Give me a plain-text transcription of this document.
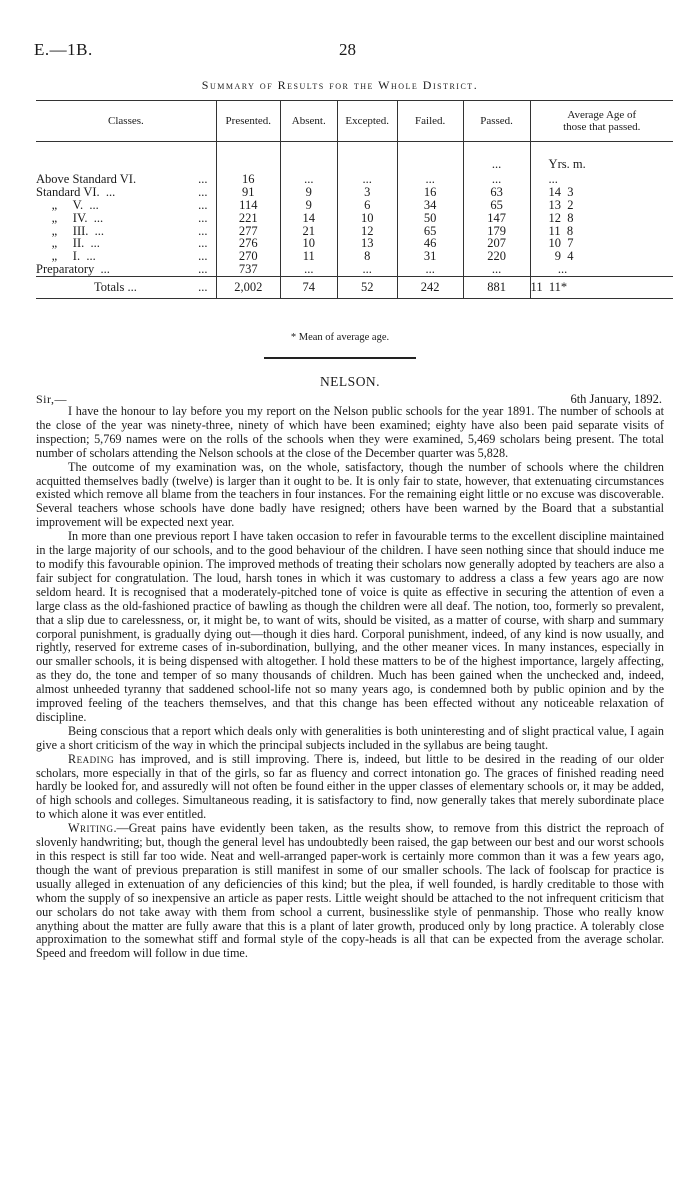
E.—1B.	28
Summary of Results for the Whole District.
Classes.		Presented.	Absent.	Excepted.	Failed.	Passed.	Average Age of those that passed.
						...	Yrs. m.
Above Standard VI.	...	16	...	...	...	...	...
Standard VI.  ...	...	91	9	3	16	63	14  3
„     V.  ...	...	114	9	6	34	65	13  2
„     IV.  ...	...	221	14	10	50	147	12  8
„     III.  ...	...	277	21	12	65	179	11  8
„     II.  ...	...	276	10	13	46	207	10  7
„     I.  ...	...	270	11	8	31	220	9  4
Preparatory  ...	...	737	...	...	...	...	...
Totals ...	...	2,002	74	52	242	881	11  11*
* Mean of average age.
NELSON.
Sir,—	6th January, 1892.

I have the honour to lay before you my report on the Nelson public schools for the year 1891. The number of schools at the close of the year was ninety-three, ninety of which have been examined; eighty have also been paid separate visits of inspection; 5,769 names were on the rolls of the schools when they were examined, 5,469 scholars being present. The total number of scholars attending the Nelson schools at the close of the December quarter was 5,828.

The outcome of my examination was, on the whole, satisfactory, though the number of schools where the children acquitted themselves badly (twelve) is larger than it ought to be. It is only fair to state, however, that extenuating circumstances existed which remove all blame from the teachers in four instances. For the remaining eight little or no excuse was discoverable. Several teachers whose schools have done badly have resigned; others have been warned by the Board that a substantial improvement will be expected next year.

In more than one previous report I have taken occasion to refer in favourable terms to the excellent discipline maintained in the large majority of our schools, and to the good behaviour of the children. I have seen nothing since that should induce me to modify this favourable opinion. The improved methods of treating their scholars now generally adopted by teachers are also a fair subject for congratulation. The loud, harsh tones in which it was customary to address a class a few years ago are now seldom heard. It is recognised that a moderately-pitched tone of voice is quite as effective in securing the attention of even a large class as the old-fashioned practice of bawling as though the children were all deaf. The notion, too, formerly so prevalent, that a slip due to carelessness, or, it might be, to want of wits, should be visited, as a matter of course, with sharp and summary corporal punishment, is gradually dying out—though it dies hard. Corporal punishment, indeed, of any kind is now usually, and rightly, reserved for extreme cases of in-subordination, bullying, and the other meaner vices. In many instances, especially in our smaller schools, it is being dispensed with altogether. I hold these matters to be of the highest importance, largely affecting, as they do, the tone and temper of so many thousands of children. Much has been gained when the unchecked and, indeed, almost unheeded tyranny that saddened school-life not so many years ago, is condemned both by public opinion and by the improved feeling of the teachers themselves, and that this change has been effected without any noticeable relaxation of discipline.

Being conscious that a report which deals only with generalities is both uninteresting and of slight practical value, I again give a short criticism of the way in which the principal subjects included in the syllabus are being taught.

Reading has improved, and is still improving. There is, indeed, but little to be desired in the reading of our older scholars, more especially in that of the girls, so far as fluency and correct intonation go. The graces of finished reading need hardly be looked for, and assuredly will not often be found either in the upper classes of elementary schools or, it may be added, of high schools and colleges. Simultaneous reading, it is satisfactory to find, now generally takes that merely subordinate place to which alone it was ever entitled.

Writing.—Great pains have evidently been taken, as the results show, to remove from this district the reproach of slovenly handwriting; but, though the general level has undoubtedly been raised, the gap between our best and our worst schools in this respect is still far too wide. Neat and well-arranged paper-work is certainly more common than it was a few years ago, though the want of previous preparation is still manifest in some of our smaller schools. The lack of foolscap for practice is usually alleged in extenuation of any deficiencies of this kind; but the plea, if well founded, is hardly creditable to those with whom the supply of so inexpensive an article as paper rests. Little weight should be attached to the not infrequent criticism that our scholars do not take away with them from school a current, businesslike style of penmanship. Those who really know anything about the matter are fully aware that this is a plant of later growth, produced only by long practice. A tolerably close approximation to the somewhat stiff and formal style of the copy-heads is all that can be expected from the average scholar. Speed and freedom will follow in due time.
